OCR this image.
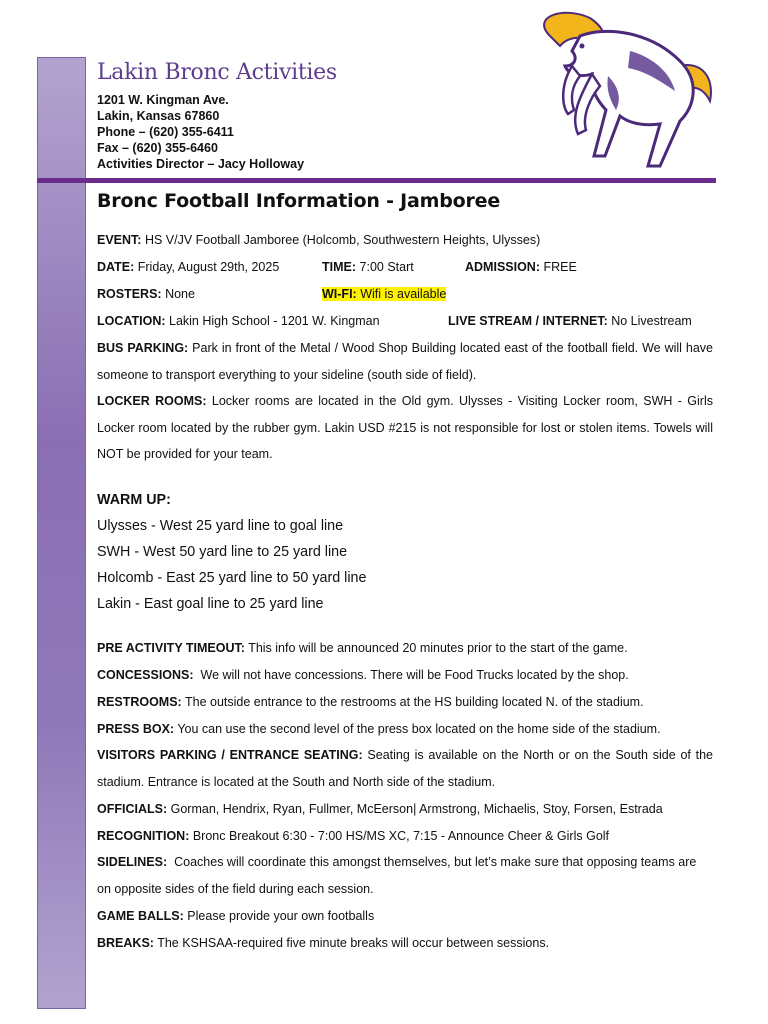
Lakin Bronc Activities
1201 W. Kingman Ave.
Lakin, Kansas 67860
Phone – (620) 355-6411
Fax – (620) 355-6460
Activities Director – Jacy Holloway
Bronc Football Information - Jamboree
EVENT: HS V/JV Football Jamboree (Holcomb, Southwestern Heights, Ulysses)
DATE: Friday, August 29th, 2025	TIME: 7:00 Start	ADMISSION: FREE
ROSTERS: None	WI-FI: Wifi is available
LOCATION: Lakin High School - 1201 W. Kingman	LIVE STREAM / INTERNET: No Livestream
BUS PARKING: Park in front of the Metal / Wood Shop Building located east of the football field. We will have someone to transport everything to your sideline (south side of field).
LOCKER ROOMS: Locker rooms are located in the Old gym. Ulysses - Visiting Locker room, SWH - Girls Locker room located by the rubber gym. Lakin USD #215 is not responsible for lost or stolen items. Towels will NOT be provided for your team.
WARM UP:
Ulysses - West 25 yard line to goal line
SWH - West 50 yard line to 25 yard line
Holcomb - East 25 yard line to 50 yard line
Lakin - East goal line to 25 yard line
PRE ACTIVITY TIMEOUT: This info will be announced 20 minutes prior to the start of the game.
CONCESSIONS: We will not have concessions. There will be Food Trucks located by the shop.
RESTROOMS: The outside entrance to the restrooms at the HS building located N. of the stadium.
PRESS BOX: You can use the second level of the press box located on the home side of the stadium.
VISITORS PARKING / ENTRANCE SEATING: Seating is available on the North or on the South side of the stadium. Entrance is located at the South and North side of the stadium.
OFFICIALS: Gorman, Hendrix, Ryan, Fullmer, McEerson| Armstrong, Michaelis, Stoy, Forsen, Estrada
RECOGNITION: Bronc Breakout 6:30 - 7:00 HS/MS XC, 7:15 - Announce Cheer & Girls Golf
SIDELINES: Coaches will coordinate this amongst themselves, but let’s make sure that opposing teams are on opposite sides of the field during each session.
GAME BALLS: Please provide your own footballs
BREAKS: The KSHSAA-required five minute breaks will occur between sessions.
